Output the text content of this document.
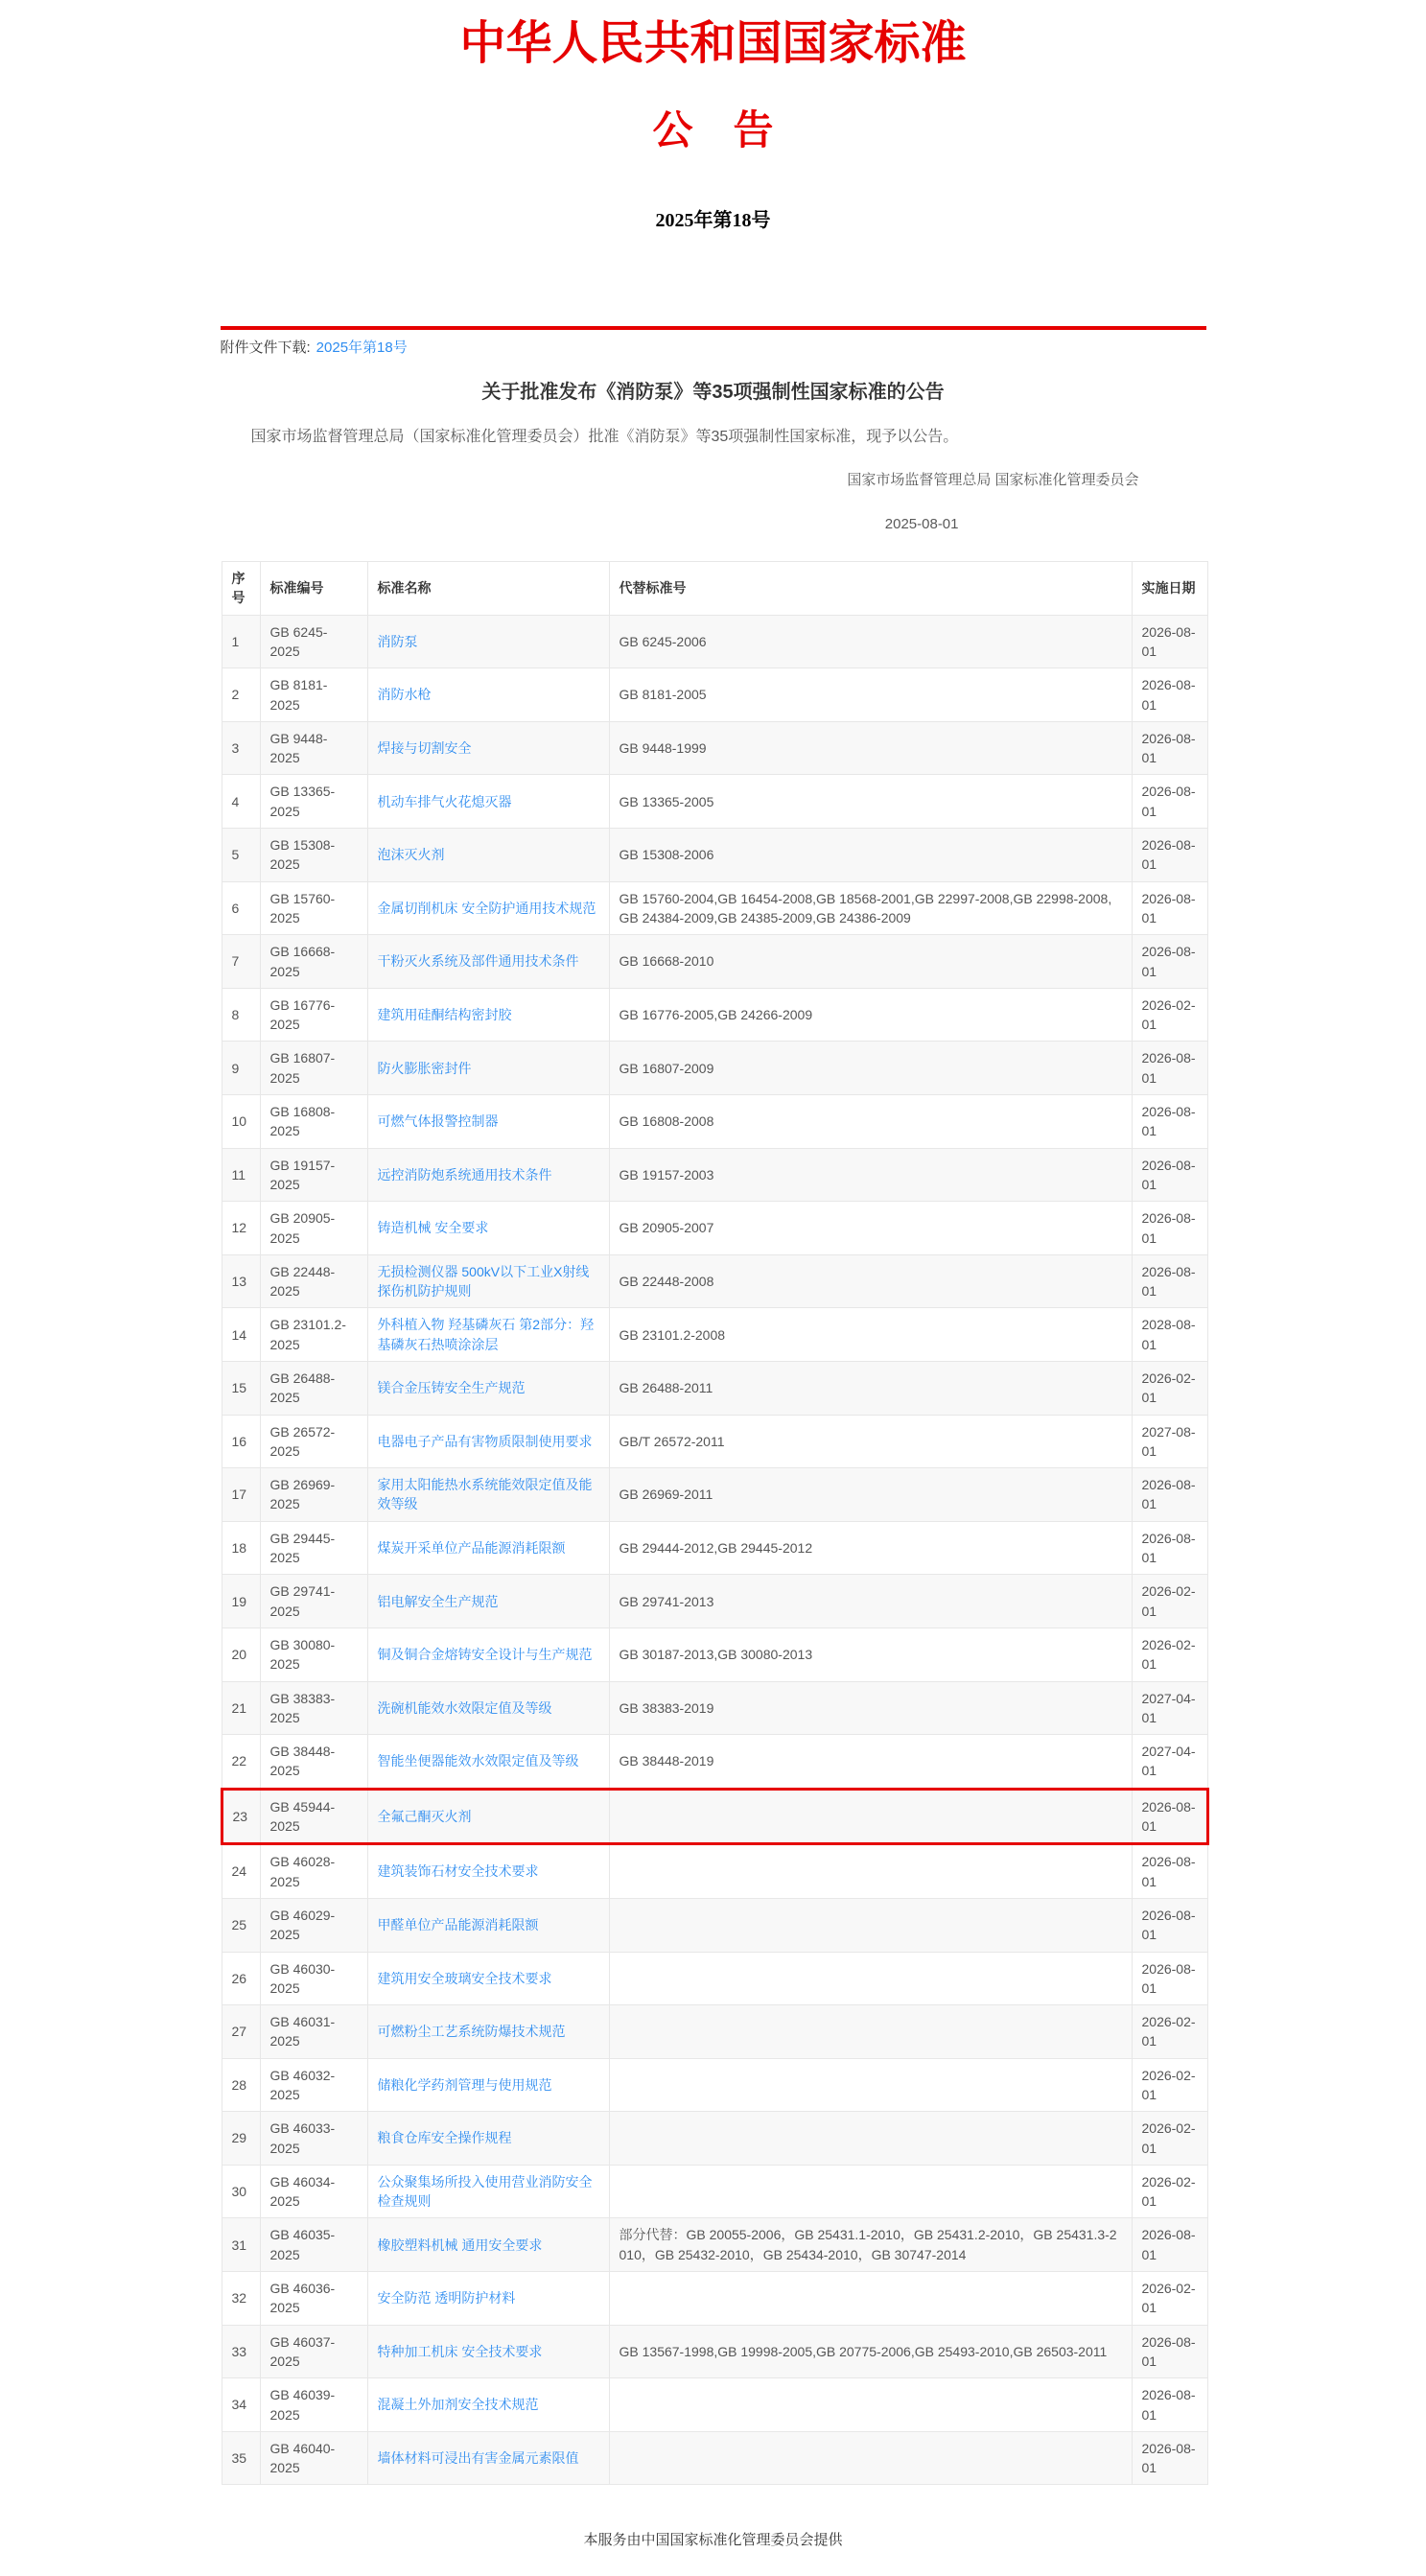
中华人民共和国国家标准
公　告
2025年第18号
附件文件下载: 2025年第18号
关于批准发布《消防泵》等35项强制性国家标准的公告
国家市场监督管理总局（国家标准化管理委员会）批准《消防泵》等35项强制性国家标准，现予以公告。
国家市场监督管理总局 国家标准化管理委员会
2025-08-01
序号	标准编号	标准名称	代替标准号	实施日期
1	GB 6245-2025	消防泵	GB 6245-2006	2026-08-01
2	GB 8181-2025	消防水枪	GB 8181-2005	2026-08-01
3	GB 9448-2025	焊接与切割安全	GB 9448-1999	2026-08-01
4	GB 13365-2025	机动车排气火花熄灭器	GB 13365-2005	2026-08-01
5	GB 15308-2025	泡沫灭火剂	GB 15308-2006	2026-08-01
6	GB 15760-2025	金属切削机床 安全防护通用技术规范	GB 15760-2004,GB 16454-2008,GB 18568-2001,GB 22997-2008,GB 22998-2008,GB 24384-2009,GB 24385-2009,GB 24386-2009	2026-08-01
7	GB 16668-2025	干粉灭火系统及部件通用技术条件	GB 16668-2010	2026-08-01
8	GB 16776-2025	建筑用硅酮结构密封胶	GB 16776-2005,GB 24266-2009	2026-02-01
9	GB 16807-2025	防火膨胀密封件	GB 16807-2009	2026-08-01
10	GB 16808-2025	可燃气体报警控制器	GB 16808-2008	2026-08-01
11	GB 19157-2025	远控消防炮系统通用技术条件	GB 19157-2003	2026-08-01
12	GB 20905-2025	铸造机械 安全要求	GB 20905-2007	2026-08-01
13	GB 22448-2025	无损检测仪器 500kV以下工业X射线探伤机防护规则	GB 22448-2008	2026-08-01
14	GB 23101.2-2025	外科植入物 羟基磷灰石 第2部分：羟基磷灰石热喷涂涂层	GB 23101.2-2008	2028-08-01
15	GB 26488-2025	镁合金压铸安全生产规范	GB 26488-2011	2026-02-01
16	GB 26572-2025	电器电子产品有害物质限制使用要求	GB/T 26572-2011	2027-08-01
17	GB 26969-2025	家用太阳能热水系统能效限定值及能效等级	GB 26969-2011	2026-08-01
18	GB 29445-2025	煤炭开采单位产品能源消耗限额	GB 29444-2012,GB 29445-2012	2026-08-01
19	GB 29741-2025	铝电解安全生产规范	GB 29741-2013	2026-02-01
20	GB 30080-2025	铜及铜合金熔铸安全设计与生产规范	GB 30187-2013,GB 30080-2013	2026-02-01
21	GB 38383-2025	洗碗机能效水效限定值及等级	GB 38383-2019	2027-04-01
22	GB 38448-2025	智能坐便器能效水效限定值及等级	GB 38448-2019	2027-04-01
23	GB 45944-2025	全氟己酮灭火剂		2026-08-01
24	GB 46028-2025	建筑装饰石材安全技术要求		2026-08-01
25	GB 46029-2025	甲醛单位产品能源消耗限额		2026-08-01
26	GB 46030-2025	建筑用安全玻璃安全技术要求		2026-08-01
27	GB 46031-2025	可燃粉尘工艺系统防爆技术规范		2026-02-01
28	GB 46032-2025	储粮化学药剂管理与使用规范		2026-02-01
29	GB 46033-2025	粮食仓库安全操作规程		2026-02-01
30	GB 46034-2025	公众聚集场所投入使用营业消防安全检查规则		2026-02-01
31	GB 46035-2025	橡胶塑料机械 通用安全要求	部分代替：GB 20055-2006，GB 25431.1-2010，GB 25431.2-2010，GB 25431.3-2010，GB 25432-2010，GB 25434-2010，GB 30747-2014	2026-08-01
32	GB 46036-2025	安全防范 透明防护材料		2026-02-01
33	GB 46037-2025	特种加工机床 安全技术要求	GB 13567-1998,GB 19998-2005,GB 20775-2006,GB 25493-2010,GB 26503-2011	2026-08-01
34	GB 46039-2025	混凝土外加剂安全技术规范		2026-08-01
35	GB 46040-2025	墙体材料可浸出有害金属元素限值		2026-08-01
本服务由中国国家标准化管理委员会提供
